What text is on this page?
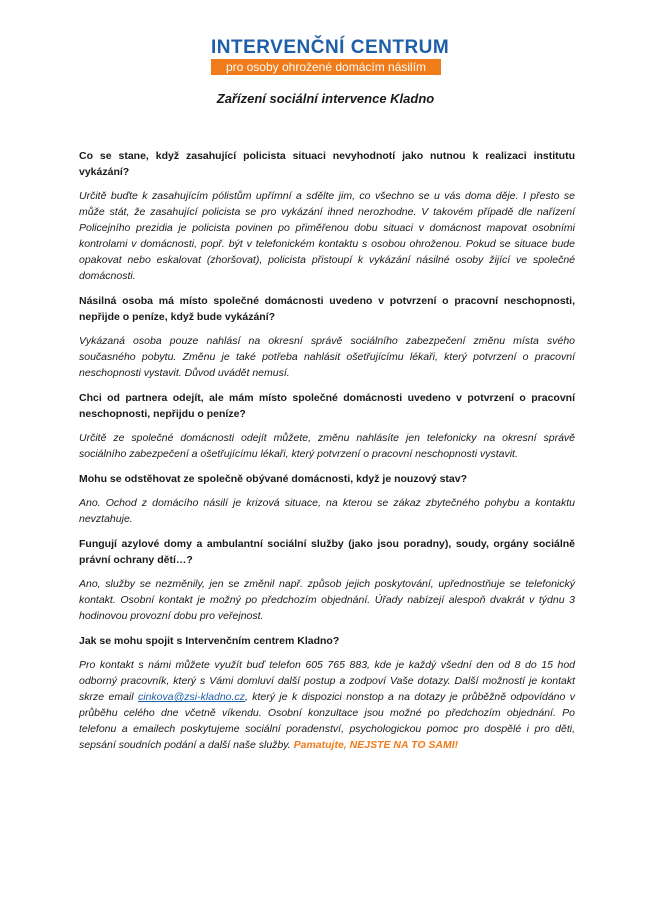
INTERVENČNÍ CENTRUM
pro osoby ohrožené domácím násilím
Zařízení sociální intervence Kladno

Co se stane, když zasahující policista situaci nevyhodnotí jako nutnou k realizaci institutu vykázání?

Určitě buďte k zasahujícím pólistům upřímní a sdělte jim, co všechno se u vás doma děje. I přesto se může stát, že zasahující policista se pro vykázání ihned nerozhodne. V takovém případě dle nařízení Policejního prezidia je policista povinen po přiměřenou dobu situaci v domácnost mapovat osobními kontrolami v domácnosti, popř. být v telefonickém kontaktu s osobou ohroženou. Pokud se situace bude opakovat nebo eskalovat (zhoršovat), policista přistoupí k vykázání násilné osoby žijící ve společné domácnosti.

Násilná osoba má místo společné domácnosti uvedeno v potvrzení o pracovní neschopnosti, nepřijde o peníze, když bude vykázání?

Vykázaná osoba pouze nahlásí na okresní správě sociálního zabezpečení změnu místa svého současného pobytu. Změnu je také potřeba nahlásit ošetřujícímu lékaři, který potvrzení o pracovní neschopnosti vystavit. Důvod uvádět nemusí.

Chci od partnera odejít, ale mám místo společné domácnosti uvedeno v potvrzení o pracovní neschopnosti, nepřijdu o peníze?

Určitě ze společné domácnosti odejít můžete, změnu nahlásíte jen telefonicky na okresní správě sociálního zabezpečení a ošetřujícímu lékaři, který potvrzení o pracovní neschopnosti vystavit.

Mohu se odstěhovat ze společně obývané domácnosti, když je nouzový stav?

Ano. Ochod z domácího násilí je krizová situace, na kterou se zákaz zbytečného pohybu a kontaktu nevztahuje.

Fungují azylové domy a ambulantní sociální služby (jako jsou poradny), soudy, orgány sociálně právní ochrany dětí…?

Ano, služby se nezměnily, jen se změnil např. způsob jejich poskytování, upřednostňuje se telefonický kontakt. Osobní kontakt je možný po předchozím objednání. Úřady nabízejí alespoň dvakrát v týdnu 3 hodinovou provozní dobu pro veřejnost.

Jak se mohu spojit s Intervenčním centrem Kladno?

Pro kontakt s námi můžete využít buď telefon 605 765 883, kde je každý všední den od 8 do 15 hod odborný pracovník, který s Vámi domluví další postup a zodpoví Vaše dotazy. Další možností je kontakt skrze email cinkova@zsi-kladno.cz, který je k dispozici nonstop a na dotazy je průběžně odpovídáno v průběhu celého dne včetně víkendu. Osobní konzultace jsou možné po předchozím objednání. Po telefonu a emailech poskytujeme sociální poradenství, psychologickou pomoc pro dospělé i pro děti, sepsání soudních podání a další naše služby. Pamatujte, NEJSTE NA TO SAMI!
